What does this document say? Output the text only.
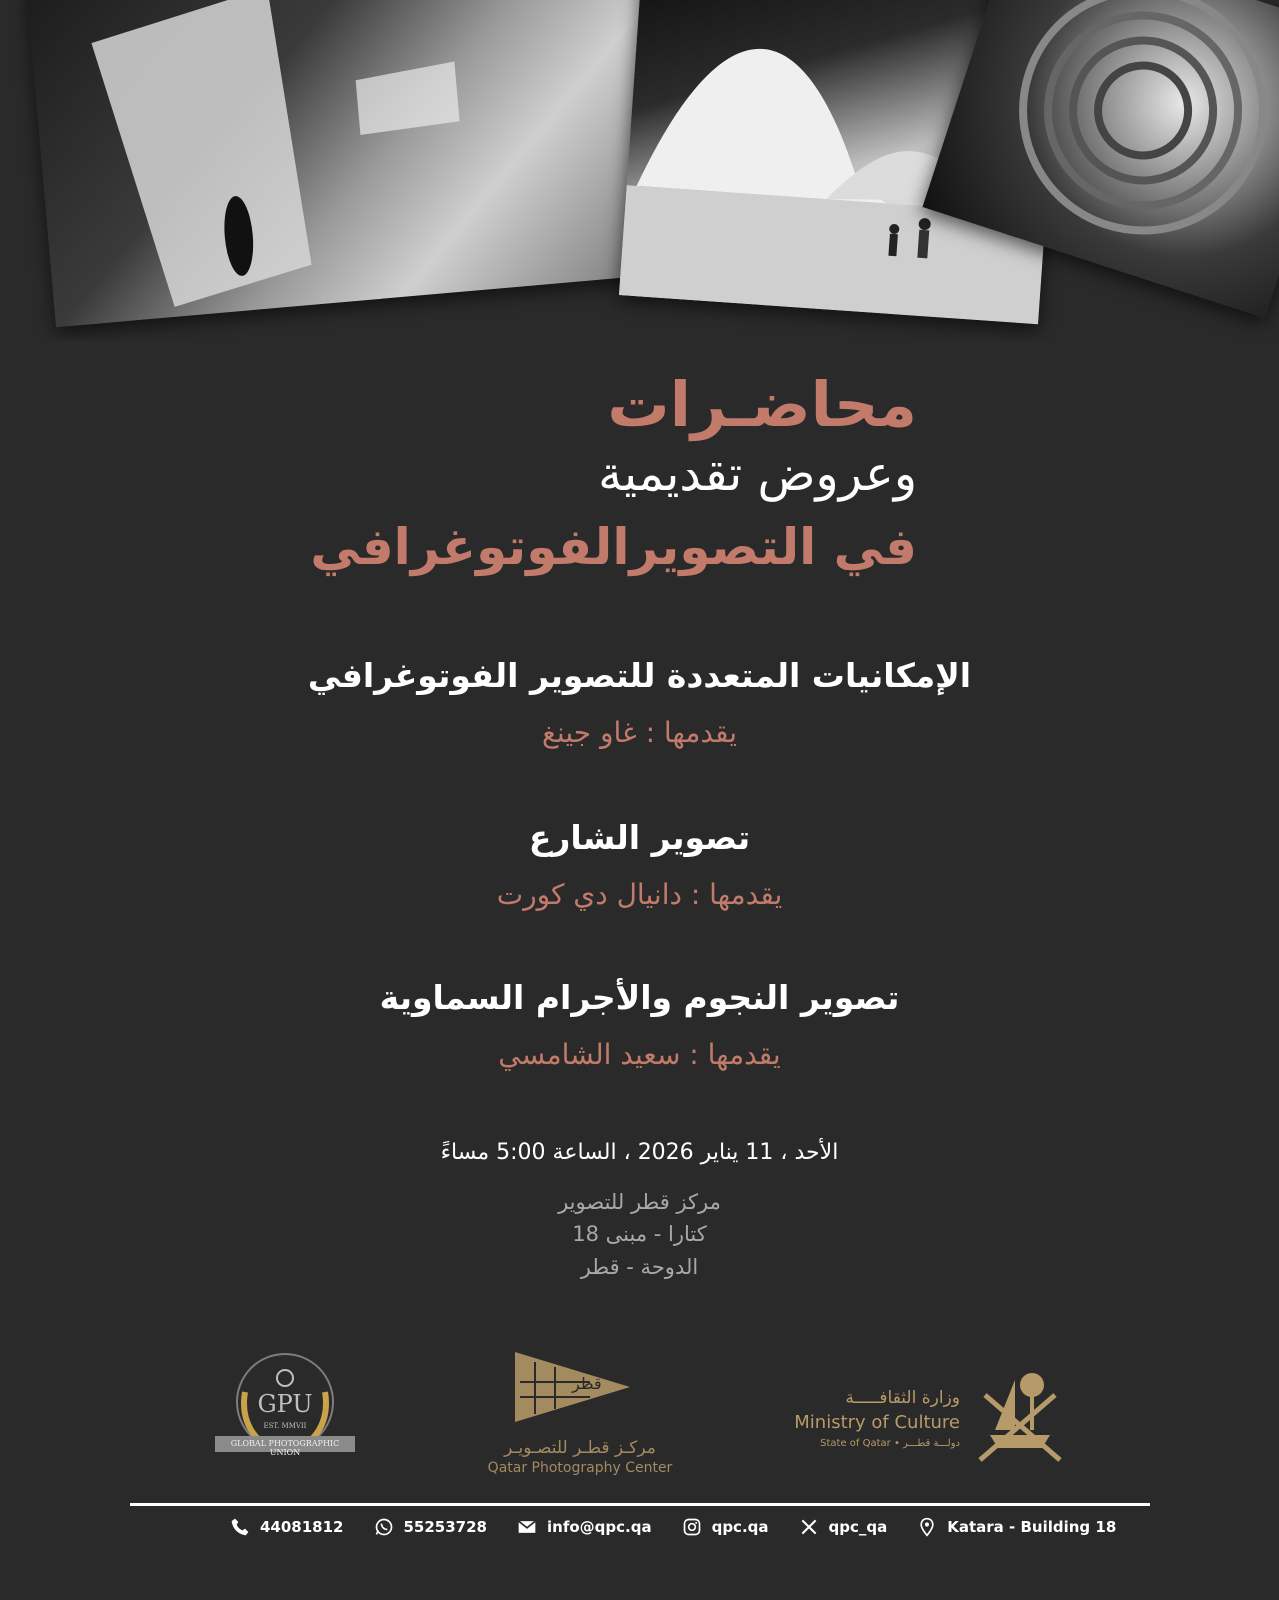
محاضـرات
وعروض تقديمية
في التصويرالفوتوغرافي
الإمكانيات المتعددة للتصوير الفوتوغرافي
يقدمها : غاو جينغ
تصوير الشارع
يقدمها : دانيال دي كورت
تصوير النجوم والأجرام السماوية
يقدمها : سعيد الشامسي
الأحد ، 11 يناير 2026 ، الساعة 5:00 مساءً
مركز قطر للتصوير
كتارا - مبنى 18
الدوحة - قطر
GPU
EST. MMVII
GLOBAL PHOTOGRAPHIC UNION
قطر
مركـز قطـر للتصـويـر
Qatar Photography Center
وزارة الثقافـــــة
Ministry of Culture
State of Qatar • دولـــة قطـــر
44081812	55253728	info@qpc.qa	qpc.qa	qpc_qa	Katara - Building 18
